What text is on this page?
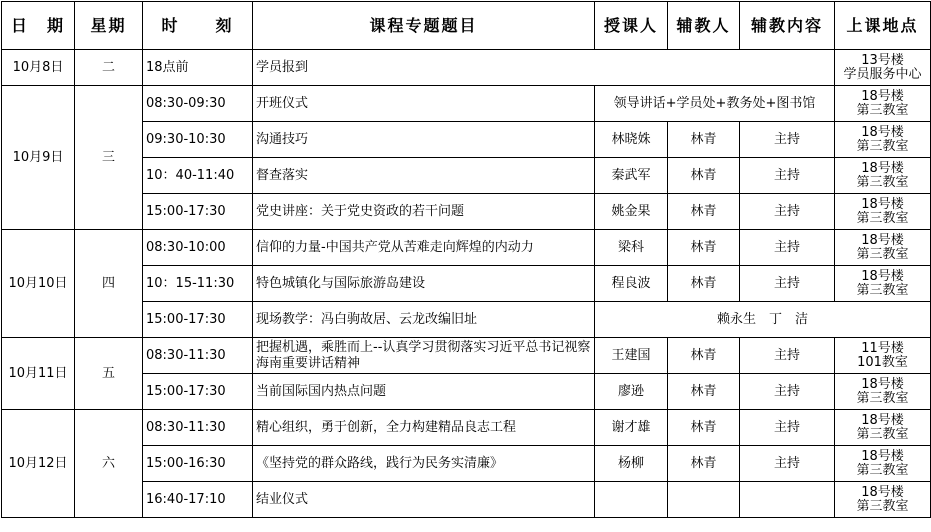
日　期	星期	时　　刻	课程专题题目	授课人	辅教人	辅教内容	上课地点
10月8日	二	18点前	学员报到				13号楼
学员服务中心

10月9日	三	08:30-09:30	开班仪式	领导讲话+学员处+教务处+图书馆			18号楼
第三教室

		09:30-10:30	沟通技巧	林晓姝	林青	主持	18号楼
第三教室

		10：40-11:40	督查落实	秦武军	林青	主持	18号楼
第三教室

		15:00-17:30	党史讲座：关于党史资政的若干问题	姚金果	林青	主持	18号楼
第三教室

10月10日	四	08:30-10:00	信仰的力量-中国共产党从苦难走向辉煌的内动力	梁科	林青	主持	18号楼
第三教室

		10：15-11:30	特色城镇化与国际旅游岛建设	程良波	林青	主持	18号楼
第三教室

		15:00-17:30	现场教学：冯白驹故居、云龙改编旧址	赖永生　丁　洁			
10月11日	五	08:30-11:30	把握机遇，乘胜而上--认真学习贯彻落实习近平总书记视察海南重要讲话精神	王建国	林青	主持	11号楼
101教室

		15:00-17:30	当前国际国内热点问题	廖逊	林青	主持	18号楼
第三教室

10月12日	六	08:30-11:30	精心组织，勇于创新，全力构建精品良志工程	谢才雄	林青	主持	18号楼
第三教室

		15:00-16:30	《坚持党的群众路线，践行为民务实清廉》	杨柳	林青	主持	18号楼
第三教室

		16:40-17:10	结业仪式				18号楼
第三教室
